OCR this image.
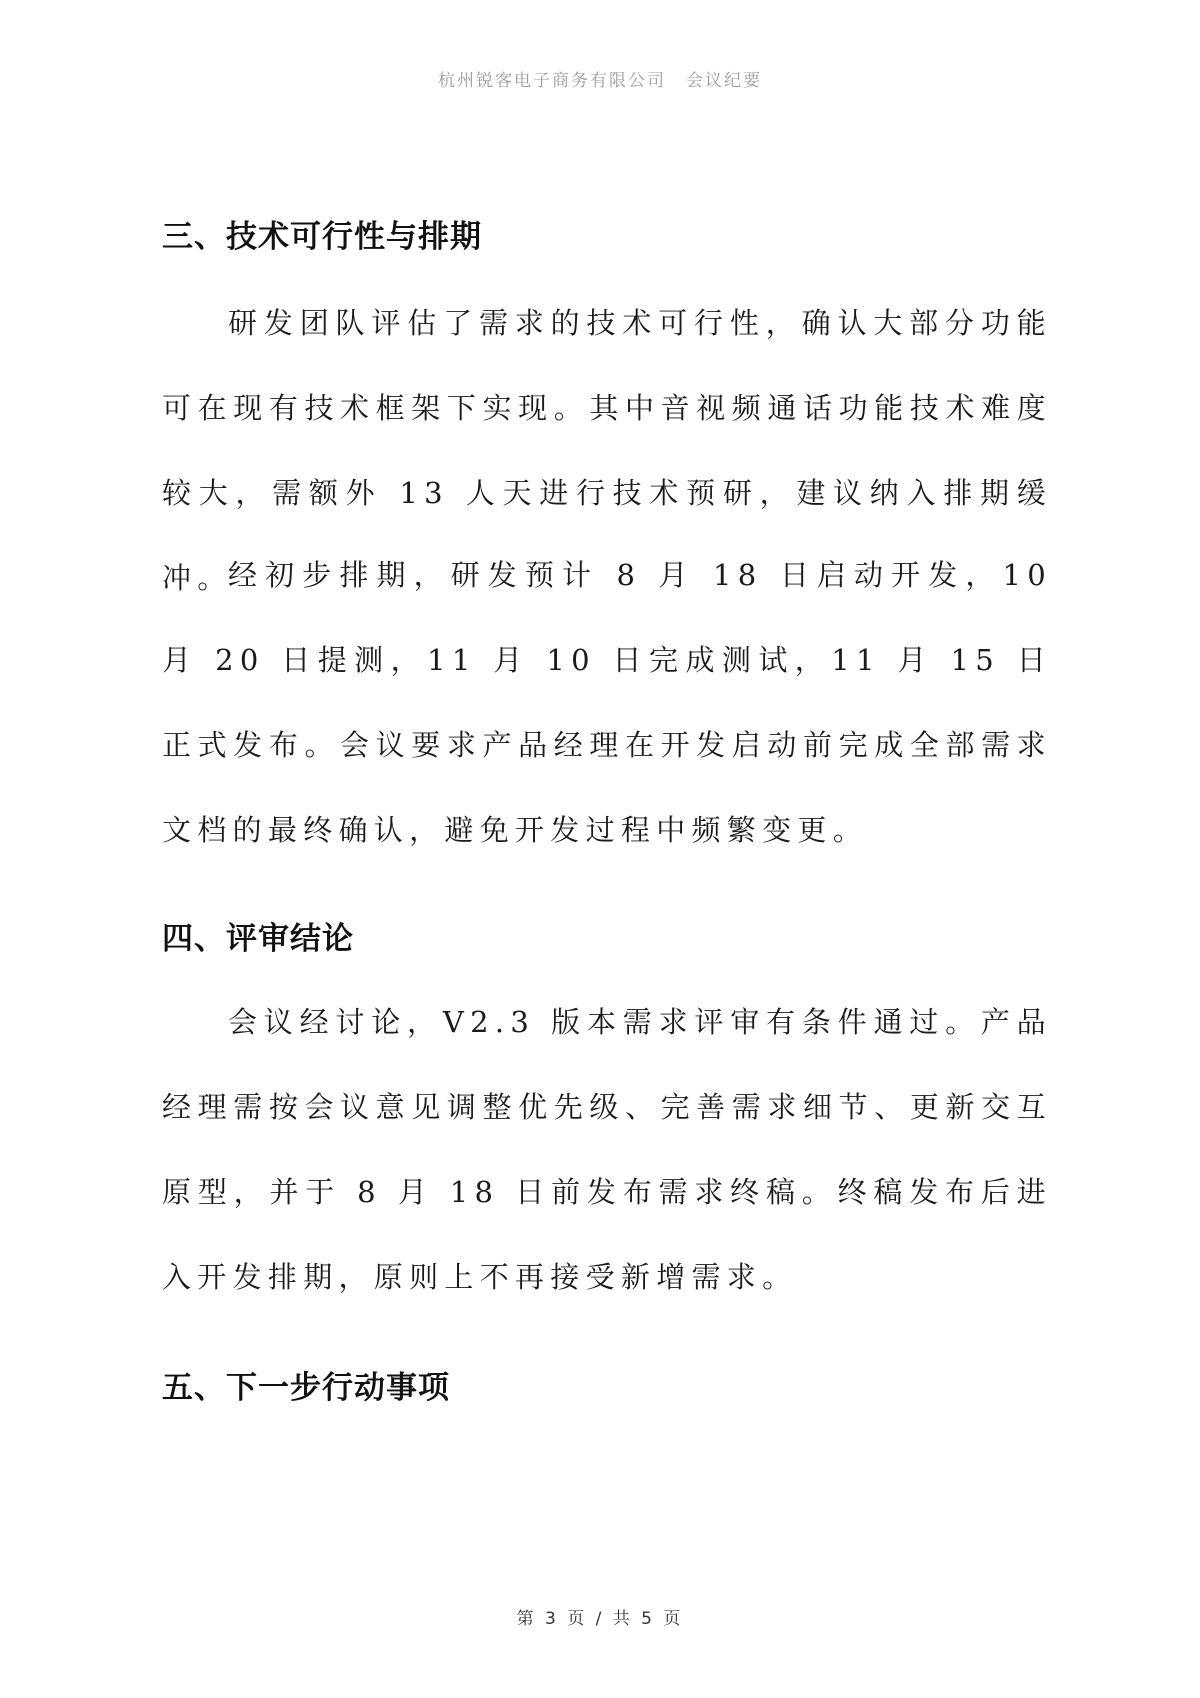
杭州锐客电子商务有限公司 会议纪要
三、技术可行性与排期

研发团队评估了需求的技术可行性，确认大部分功能可在现有技术框架下实现。其中音视频通话功能技术难度较大，需额外 13 人天进行技术预研，建议纳入排期缓冲。

经初步排期，研发预计 8 月 18 日启动开发，10 月 20 日提测，11 月 10 日完成测试，11 月 15 日正式发布。会议要求产品经理在开发启动前完成全部需求文档的最终确认，避免开发过程中频繁变更。

四、评审结论

会议经讨论，V2.3 版本需求评审有条件通过。产品经理需按会议意见调整优先级、完善需求细节、更新交互原型，并于 8 月 18 日前发布需求终稿。终稿发布后进入开发排期，原则上不再接受新增需求。

五、下一步行动事项
第 3 页 / 共 5 页
